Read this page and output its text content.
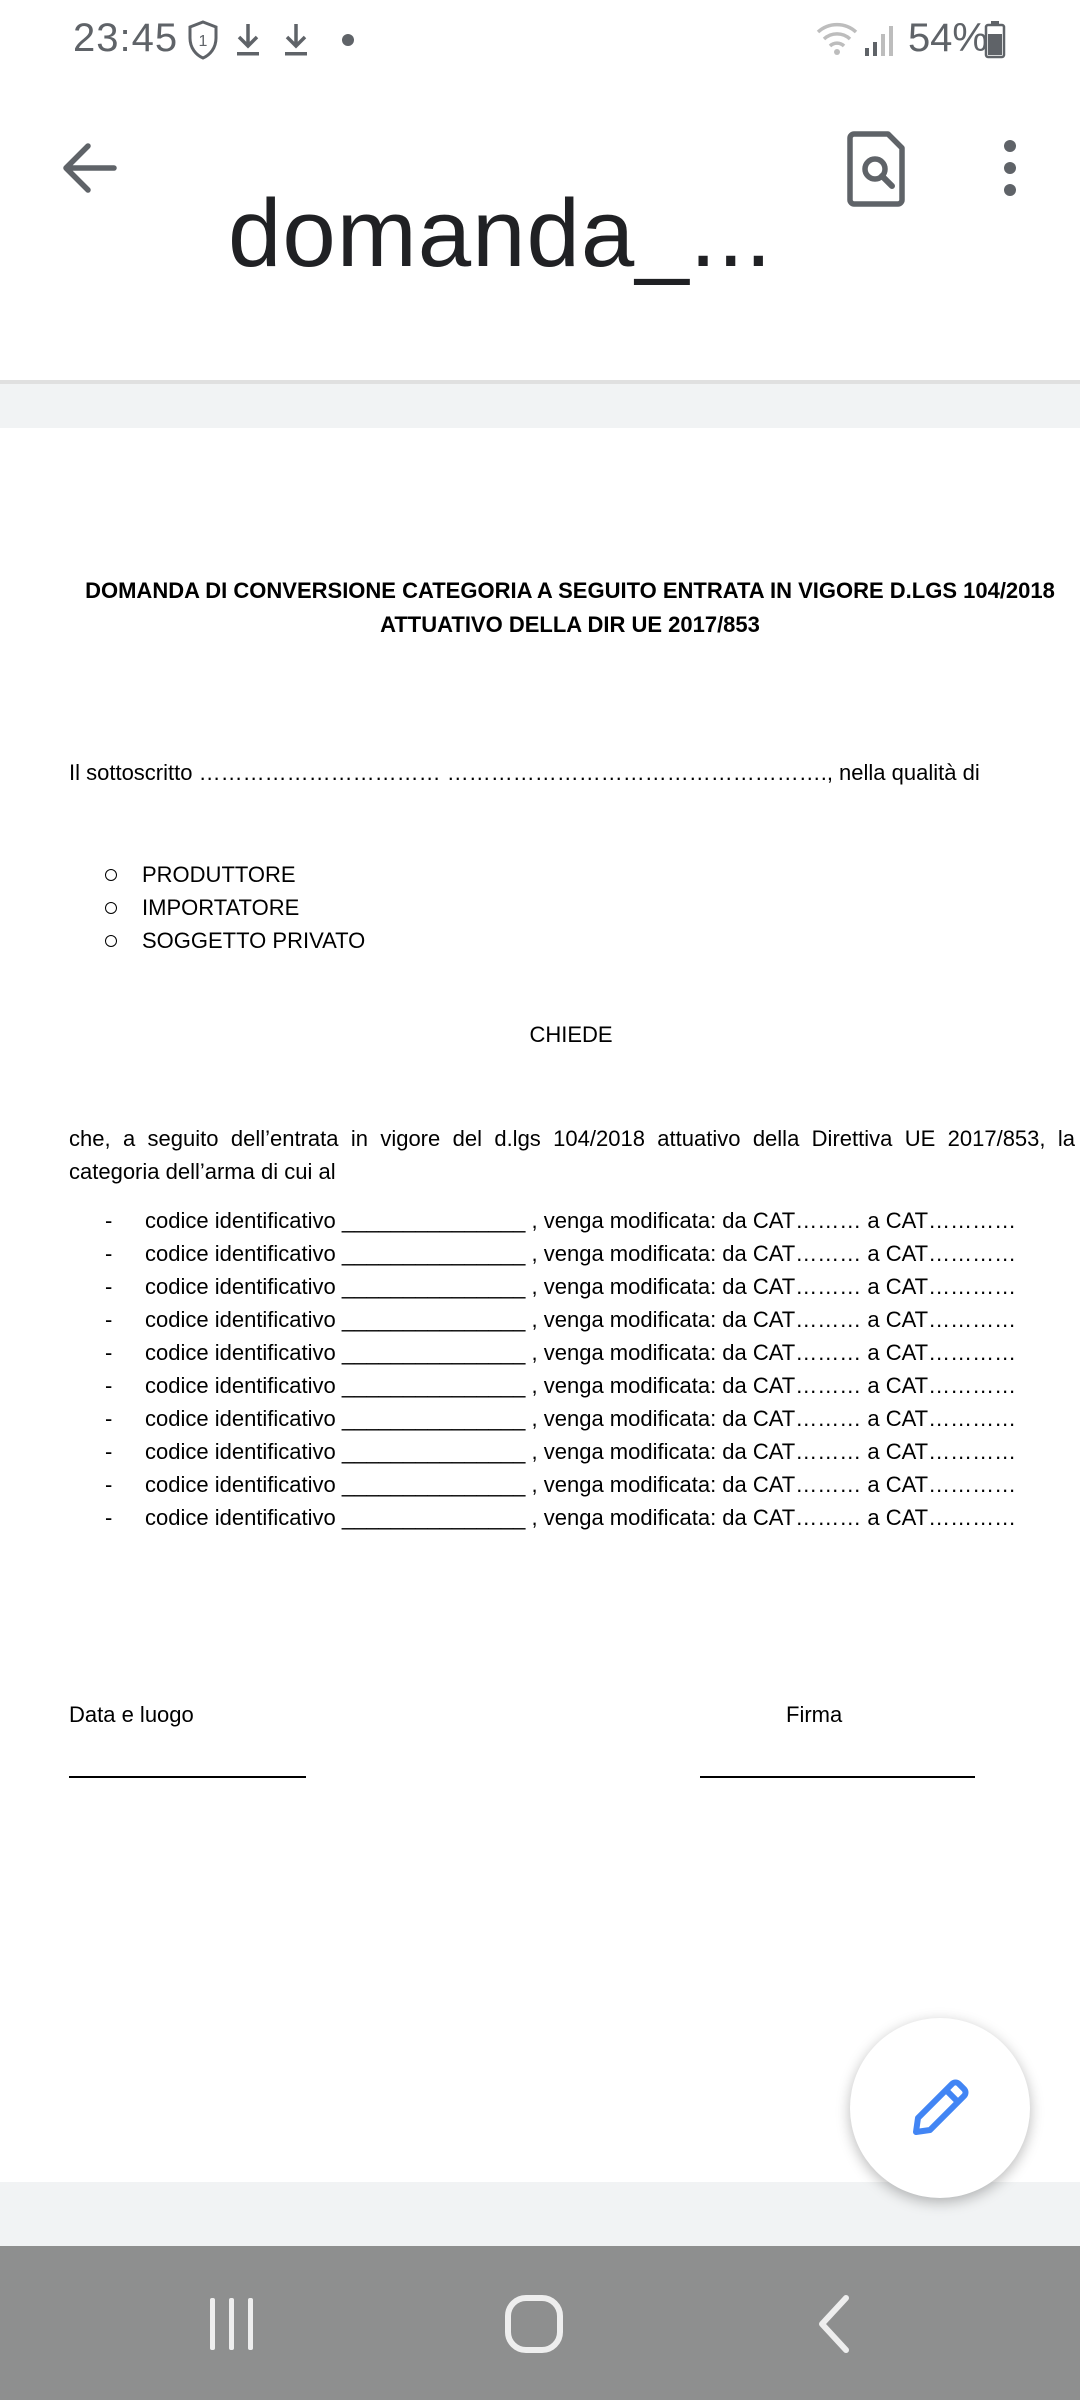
23:45 1	54%
domanda_...
DOMANDA DI CONVERSIONE CATEGORIA A SEGUITO ENTRATA IN VIGORE D.LGS 104/2018
ATTUATIVO DELLA DIR UE 2017/853
Il sottoscritto …………………………… ……………………………………………., nella qualità di
PRODUTTORE
IMPORTATORE
SOGGETTO PRIVATO
CHIEDE
che, a seguito dell’entrata in vigore del d.lgs 104/2018 attuativo della Direttiva UE 2017/853, la categoria dell’arma di cui al
-	codice identificativo _______________ , venga modificata: da CAT……… a CAT…………
-	codice identificativo _______________ , venga modificata: da CAT……… a CAT…………
-	codice identificativo _______________ , venga modificata: da CAT……… a CAT…………
-	codice identificativo _______________ , venga modificata: da CAT……… a CAT…………
-	codice identificativo _______________ , venga modificata: da CAT……… a CAT…………
-	codice identificativo _______________ , venga modificata: da CAT……… a CAT…………
-	codice identificativo _______________ , venga modificata: da CAT……… a CAT…………
-	codice identificativo _______________ , venga modificata: da CAT……… a CAT…………
-	codice identificativo _______________ , venga modificata: da CAT……… a CAT…………
-	codice identificativo _______________ , venga modificata: da CAT……… a CAT…………
Data e luogo	Firma
